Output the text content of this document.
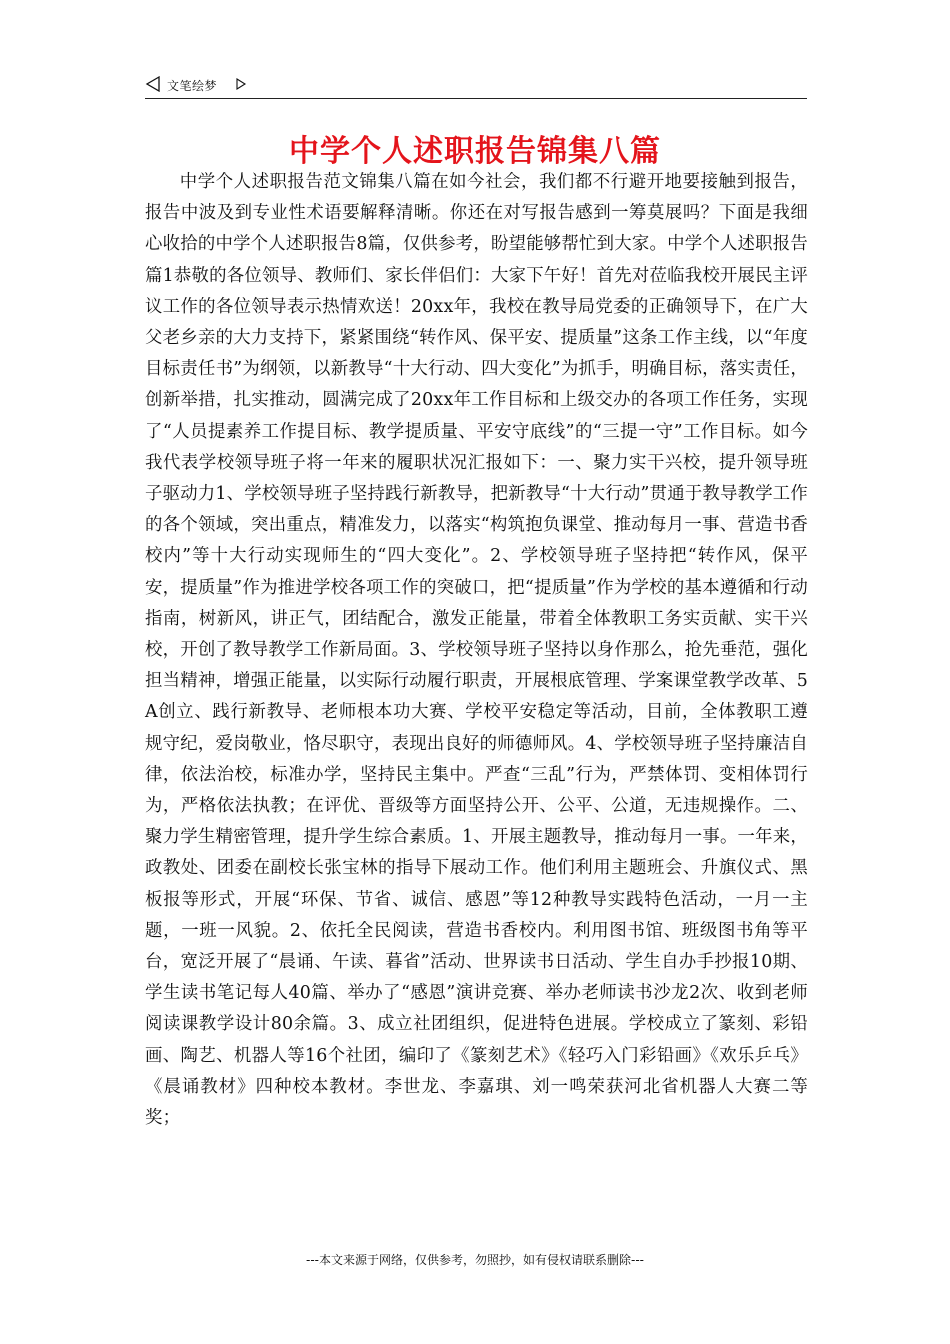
文笔绘梦
中学个人述职报告锦集八篇
中学个人述职报告范文锦集八篇在如今社会，我们都不行避开地要接触到报告，报告中波及到专业性术语要解释清晰。你还在对写报告感到一筹莫展吗？下面是我细心收拾的中学个人述职报告8篇，仅供参考，盼望能够帮忙到大家。中学个人述职报告篇1恭敬的各位领导、教师们、家长伴侣们：大家下午好！首先对莅临我校开展民主评议工作的各位领导表示热情欢送！20xx年，我校在教导局党委的正确领导下，在广大父老乡亲的大力支持下，紧紧围绕“转作风、保平安、提质量”这条工作主线，以“年度目标责任书”为纲领，以新教导“十大行动、四大变化”为抓手，明确目标，落实责任，创新举措，扎实推动，圆满完成了20xx年工作目标和上级交办的各项工作任务，实现了“人员提素养工作提目标、教学提质量、平安守底线”的“三提一守”工作目标。如今我代表学校领导班子将一年来的履职状况汇报如下：一、聚力实干兴校，提升领导班子驱动力1、学校领导班子坚持践行新教导，把新教导“十大行动”贯通于教导教学工作的各个领域，突出重点，精准发力，以落实“构筑抱负课堂、推动每月一事、营造书香校内”等十大行动实现师生的“四大变化”。2、学校领导班子坚持把“转作风，保平安，提质量”作为推进学校各项工作的突破口，把“提质量”作为学校的基本遵循和行动指南，树新风，讲正气，团结配合，激发正能量，带着全体教职工务实贡献、实干兴校，开创了教导教学工作新局面。3、学校领导班子坚持以身作那么，抢先垂范，强化担当精神，增强正能量，以实际行动履行职责，开展根底管理、学案课堂教学改革、5A创立、践行新教导、老师根本功大赛、学校平安稳定等活动，目前，全体教职工遵规守纪，爱岗敬业，恪尽职守，表现出良好的师德师风。4、学校领导班子坚持廉洁自律，依法治校，标准办学，坚持民主集中。严查“三乱”行为，严禁体罚、变相体罚行为，严格依法执教；在评优、晋级等方面坚持公开、公平、公道，无违规操作。二、聚力学生精密管理，提升学生综合素质。1、开展主题教导，推动每月一事。一年来，政教处、团委在副校长张宝林的指导下展动工作。他们利用主题班会、升旗仪式、黑板报等形式，开展“环保、节省、诚信、感恩”等12种教导实践特色活动，一月一主题，一班一风貌。2、依托全民阅读，营造书香校内。利用图书馆、班级图书角等平台，宽泛开展了“晨诵、午读、暮省”活动、世界读书日活动、学生自办手抄报10期、学生读书笔记每人40篇、举办了“感恩”演讲竞赛、举办老师读书沙龙2次、收到老师阅读课教学设计80余篇。3、成立社团组织，促进特色进展。学校成立了篆刻、彩铅画、陶艺、机器人等16个社团，编印了《篆刻艺术》《轻巧入门彩铅画》《欢乐乒乓》《晨诵教材》四种校本教材。李世龙、李嘉琪、刘一鸣荣获河北省机器人大赛二等奖；
---本文来源于网络，仅供参考，勿照抄，如有侵权请联系删除---
